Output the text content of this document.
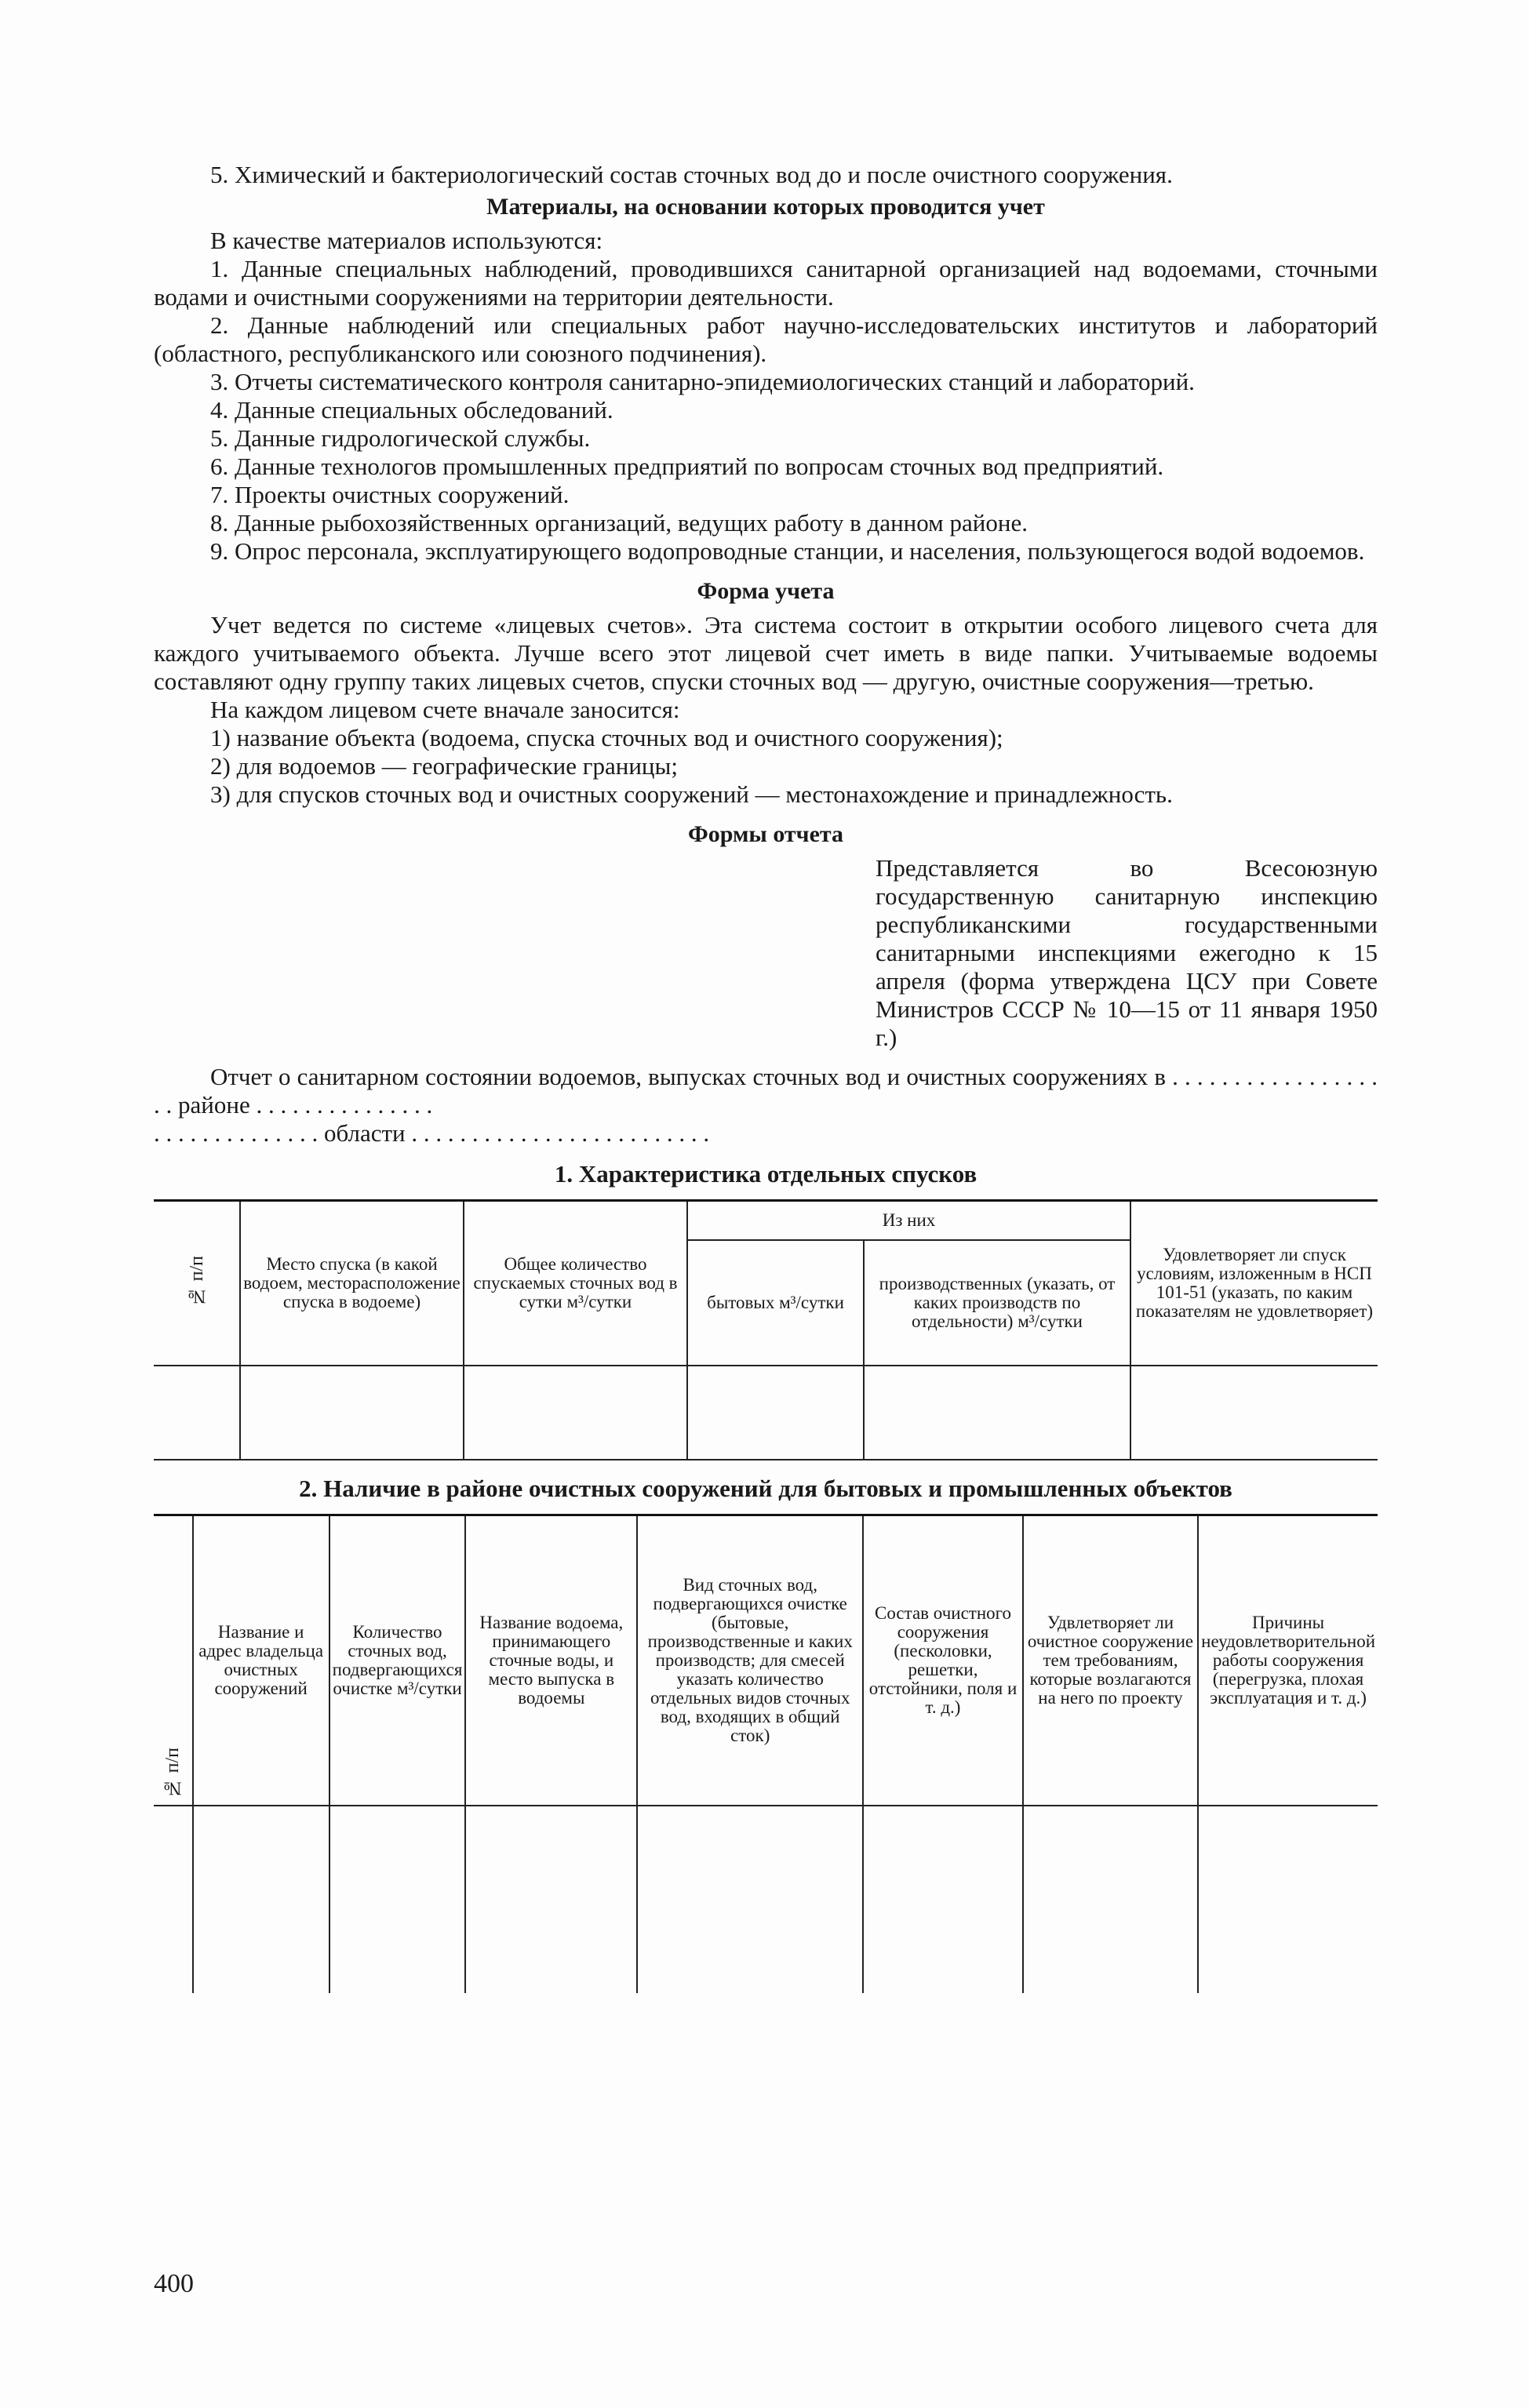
5. Химический и бактериологический состав сточных вод до и после очистного сооружения.

Материалы, на основании которых проводится учет

В качестве материалов используются:

1. Данные специальных наблюдений, проводившихся санитарной организацией над водоемами, сточными водами и очистными сооружениями на территории деятельности.

2. Данные наблюдений или специальных работ научно-исследовательских институтов и лабораторий (областного, республиканского или союзного подчинения).

3. Отчеты систематического контроля санитарно-эпидемиологических станций и лабораторий.

4. Данные специальных обследований.

5. Данные гидрологической службы.

6. Данные технологов промышленных предприятий по вопросам сточных вод предприятий.

7. Проекты очистных сооружений.

8. Данные рыбохозяйственных организаций, ведущих работу в данном районе.

9. Опрос персонала, эксплуатирующего водопроводные станции, и населения, пользующегося водой водоемов.

Форма учета

Учет ведется по системе «лицевых счетов». Эта система состоит в открытии особого лицевого счета для каждого учитываемого объекта. Лучше всего этот лицевой счет иметь в виде папки. Учитываемые водоемы составляют одну группу таких лицевых счетов, спуски сточных вод — другую, очистные сооружения—третью.

На каждом лицевом счете вначале заносится:

1) название объекта (водоема, спуска сточных вод и очистного сооружения);

2) для водоемов — географические границы;

3) для спусков сточных вод и очистных сооружений — местонахождение и принадлежность.

Формы отчета
Представляется во Всесоюзную государственную санитарную инспекцию республиканскими государственными санитарными инспекциями ежегодно к 15 апреля (форма утверждена ЦСУ при Совете Министров СССР № 10—15 от 11 января 1950 г.)

Отчет о санитарном состоянии водоемов, выпусках сточных вод и очистных сооружениях в . . . . . . . . . . . . . . . . . . . районе . . . . . . . . . . . . . . .

. . . . . . . . . . . . . . области . . . . . . . . . . . . . . . . . . . . . . . . .

1. Характеристика отдельных спусков
№ п/п	Место спуска (в какой водоем, месторасположение спуска в водоеме)	Общее количество спускаемых сточных вод в сутки м³/сутки	Из них		Удовлетворяет ли спуск условиям, изложенным в НСП 101-51 (указать, по каким показателям не удовлетворяет)
			бытовых м³/сутки	производственных (указать, от каких производств по отдельности) м³/сутки	

2. Наличие в районе очистных сооружений для бытовых и промышленных объектов
№ п/п	Название и адрес владельца очистных сооружений	Количество сточных вод, подвергающихся очистке м³/сутки	Название водоема, принимающего сточные воды, и место выпуска в водоемы	Вид сточных вод, подвергающихся очистке (бытовые, производственные и каких производств; для смесей указать количество отдельных видов сточных вод, входящих в общий сток)	Состав очистного сооружения (песколовки, решетки, отстойники, поля и т. д.)	Удвлетворяет ли очистное сооружение тем требованиям, которые возлагаются на него по проекту	Причины неудовлетворительной работы сооружения (перегрузка, плохая эксплуатация и т. д.)

400
